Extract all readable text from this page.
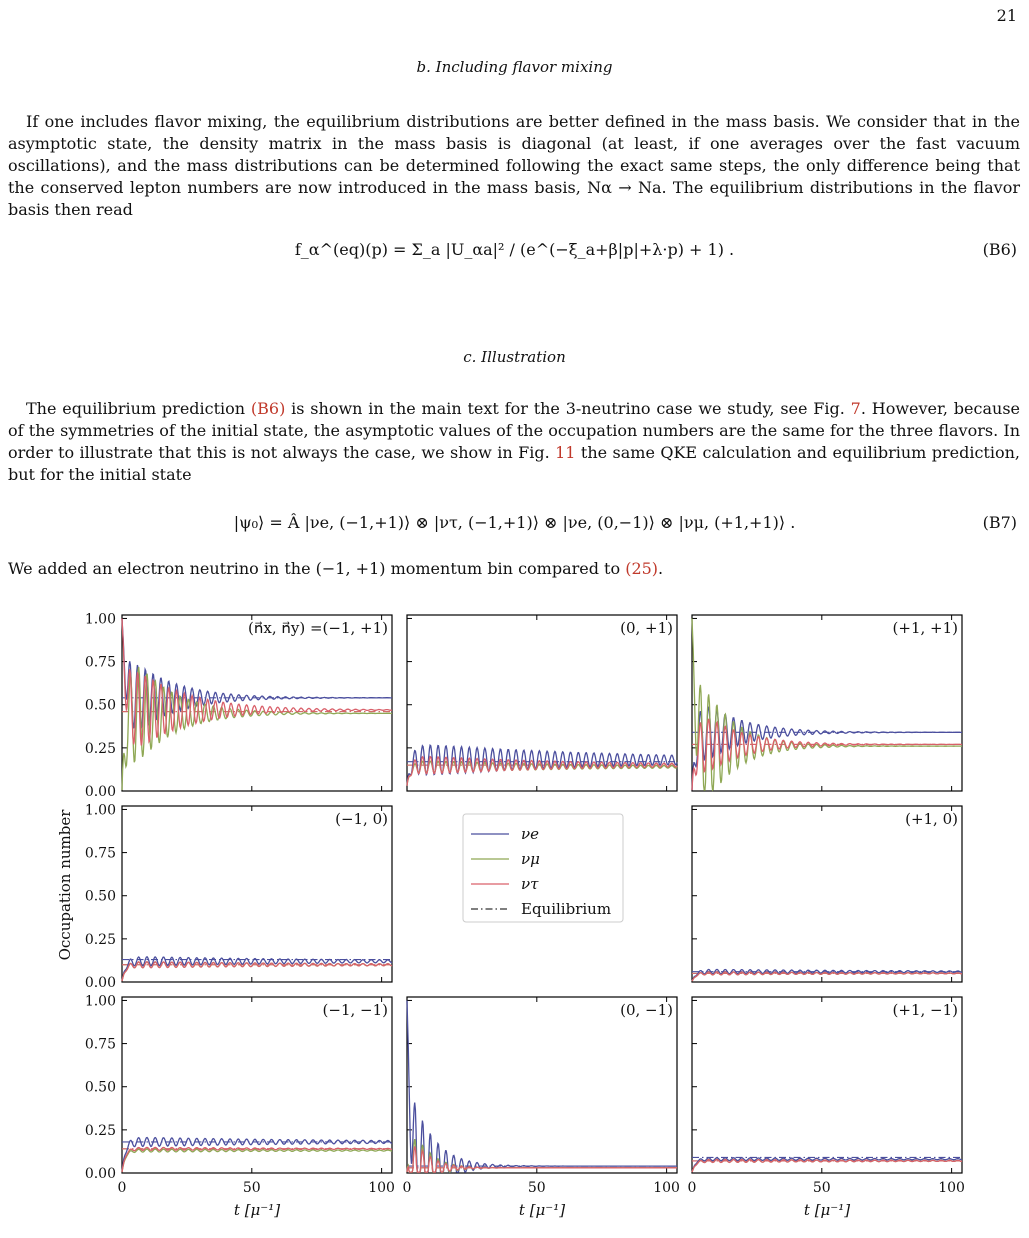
21
b. Including flavor mixing
If one includes flavor mixing, the equilibrium distributions are better defined in the mass basis. We consider that in the asymptotic state, the density matrix in the mass basis is diagonal (at least, if one averages over the fast vacuum oscillations), and the mass distributions can be determined following the exact same steps, the only difference being that the conserved lepton numbers are now introduced in the mass basis, Nα → Na. The equilibrium distributions in the flavor basis then read
f_α^(eq)(p) = Σ_a |U_αa|² / (e^(−ξ_a+β|p|+λ·p) + 1) .	(B6)
c. Illustration
The equilibrium prediction (B6) is shown in the main text for the 3-neutrino case we study, see Fig. 7. However, because of the symmetries of the initial state, the asymptotic values of the occupation numbers are the same for the three flavors. In order to illustrate that this is not always the case, we show in Fig. 11 the same QKE calculation and equilibrium prediction, but for the initial state
|ψ₀⟩ = Â |νe, (−1,+1)⟩ ⊗ |ντ, (−1,+1)⟩ ⊗ |νe, (0,−1)⟩ ⊗ |νμ, (+1,+1)⟩ .	(B7)
We added an electron neutrino in the (−1, +1) momentum bin compared to (25).
0.00
0.25
0.50
0.75
1.00	(n⃗x, n⃗y) =(−1, +1)	(0, +1)	(+1, +1)
0.00
0.25
0.50
0.75
1.00	(−1, 0)
νe
νμ
ντ
Equilibrium
(+1, 0)
0.00
0.25
0.50
0.75
1.00
0	50	100
t [μ⁻¹]
(−1, −1)
0	50	100
t [μ⁻¹]
(0, −1)
0	50	100
t [μ⁻¹]
(+1, −1)
Occupation number
